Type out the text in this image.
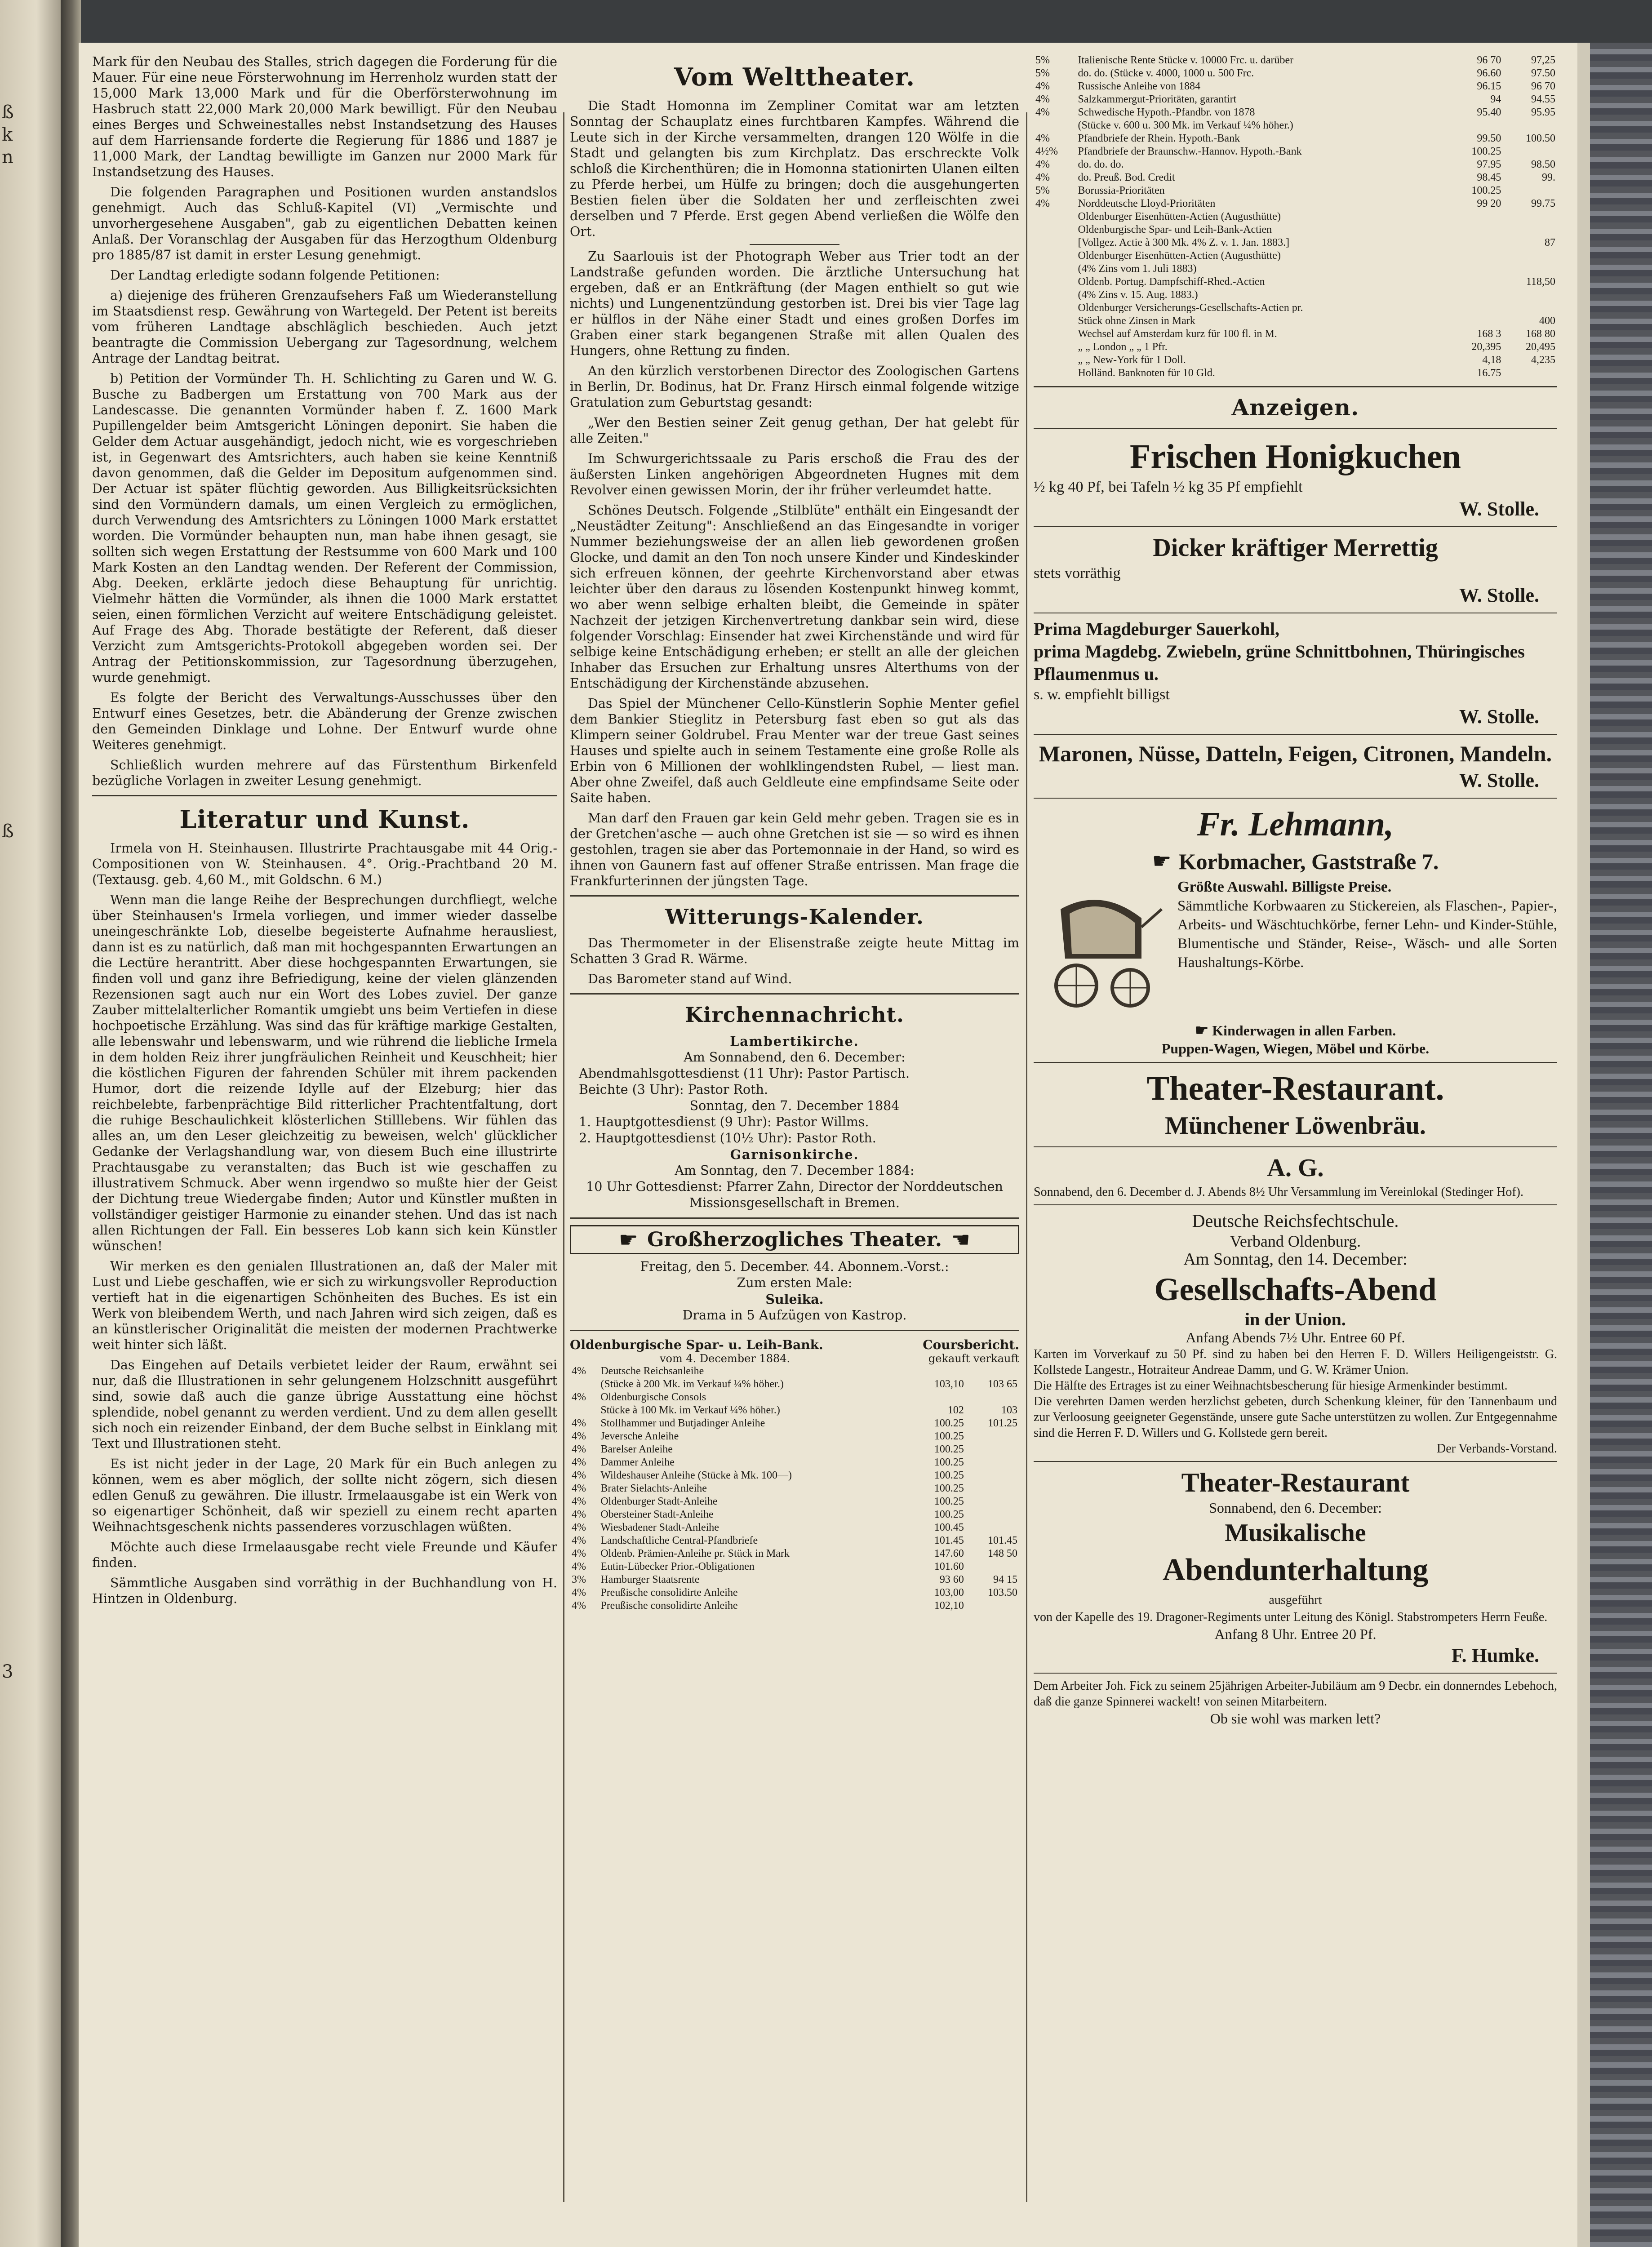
ß
k
n
ß
3

Mark für den Neubau des Stalles, strich dagegen die Forderung für die Mauer. Für eine neue Försterwohnung im Herrenholz wurden statt der 15,000 Mark 13,000 Mark und für die Oberförsterwohnung im Hasbruch statt 22,000 Mark 20,000 Mark bewilligt. Für den Neubau eines Berges und Schweinestalles nebst Instandsetzung des Hauses auf dem Harriensande forderte die Regierung für 1886 und 1887 je 11,000 Mark, der Landtag bewilligte im Ganzen nur 2000 Mark für Instandsetzung des Hauses.

Die folgenden Paragraphen und Positionen wurden anstandslos genehmigt. Auch das Schluß-Kapitel (VI) „Vermischte und unvorhergesehene Ausgaben", gab zu eigentlichen Debatten keinen Anlaß. Der Voranschlag der Ausgaben für das Herzogthum Oldenburg pro 1885/87 ist damit in erster Lesung genehmigt.

Der Landtag erledigte sodann folgende Petitionen:

a) diejenige des früheren Grenzaufsehers Faß um Wiederanstellung im Staatsdienst resp. Gewährung von Wartegeld. Der Petent ist bereits vom früheren Landtage abschläglich beschieden. Auch jetzt beantragte die Commission Uebergang zur Tagesordnung, welchem Antrage der Landtag beitrat.

b) Petition der Vormünder Th. H. Schlichting zu Garen und W. G. Busche zu Badbergen um Erstattung von 700 Mark aus der Landescasse. Die genannten Vormünder haben f. Z. 1600 Mark Pupillengelder beim Amtsgericht Löningen deponirt. Sie haben die Gelder dem Actuar ausgehändigt, jedoch nicht, wie es vorgeschrieben ist, in Gegenwart des Amtsrichters, auch haben sie keine Kenntniß davon genommen, daß die Gelder im Depositum aufgenommen sind. Der Actuar ist später flüchtig geworden. Aus Billigkeitsrücksichten sind den Vormündern damals, um einen Vergleich zu ermöglichen, durch Verwendung des Amtsrichters zu Löningen 1000 Mark erstattet worden. Die Vormünder behaupten nun, man habe ihnen gesagt, sie sollten sich wegen Erstattung der Restsumme von 600 Mark und 100 Mark Kosten an den Landtag wenden. Der Referent der Commission, Abg. Deeken, erklärte jedoch diese Behauptung für unrichtig. Vielmehr hätten die Vormünder, als ihnen die 1000 Mark erstattet seien, einen förmlichen Verzicht auf weitere Entschädigung geleistet. Auf Frage des Abg. Thorade bestätigte der Referent, daß dieser Verzicht zum Amtsgerichts-Protokoll abgegeben worden sei. Der Antrag der Petitionskommission, zur Tagesordnung überzugehen, wurde genehmigt.

Es folgte der Bericht des Verwaltungs-Ausschusses über den Entwurf eines Gesetzes, betr. die Abänderung der Grenze zwischen den Gemeinden Dinklage und Lohne. Der Entwurf wurde ohne Weiteres genehmigt.

Schließlich wurden mehrere auf das Fürstenthum Birkenfeld bezügliche Vorlagen in zweiter Lesung genehmigt.

Literatur und Kunst.

Irmela von H. Steinhausen. Illustrirte Prachtausgabe mit 44 Orig.-Compositionen von W. Steinhausen. 4°. Orig.-Prachtband 20 M. (Textausg. geb. 4,60 M., mit Goldschn. 6 M.)

Wenn man die lange Reihe der Besprechungen durchfliegt, welche über Steinhausen's Irmela vorliegen, und immer wieder dasselbe uneingeschränkte Lob, dieselbe begeisterte Aufnahme herausliest, dann ist es zu natürlich, daß man mit hochgespannten Erwartungen an die Lectüre herantritt. Aber diese hochgespannten Erwartungen, sie finden voll und ganz ihre Befriedigung, keine der vielen glänzenden Rezensionen sagt auch nur ein Wort des Lobes zuviel. Der ganze Zauber mittelalterlicher Romantik umgiebt uns beim Vertiefen in diese hochpoetische Erzählung. Was sind das für kräftige markige Gestalten, alle lebenswahr und lebenswarm, und wie rührend die liebliche Irmela in dem holden Reiz ihrer jungfräulichen Reinheit und Keuschheit; hier die köstlichen Figuren der fahrenden Schüler mit ihrem packenden Humor, dort die reizende Idylle auf der Elzeburg; hier das reichbelebte, farbenprächtige Bild ritterlicher Prachtentfaltung, dort die ruhige Beschaulichkeit klösterlichen Stilllebens. Wir fühlen das alles an, um den Leser gleichzeitig zu beweisen, welch' glücklicher Gedanke der Verlagshandlung war, von diesem Buch eine illustrirte Prachtausgabe zu veranstalten; das Buch ist wie geschaffen zu illustrativem Schmuck. Aber wenn irgendwo so mußte hier der Geist der Dichtung treue Wiedergabe finden; Autor und Künstler mußten in vollständiger geistiger Harmonie zu einander stehen. Und das ist nach allen Richtungen der Fall. Ein besseres Lob kann sich kein Künstler wünschen!

Wir merken es den genialen Illustrationen an, daß der Maler mit Lust und Liebe geschaffen, wie er sich zu wirkungsvoller Reproduction vertieft hat in die eigenartigen Schönheiten des Buches. Es ist ein Werk von bleibendem Werth, und nach Jahren wird sich zeigen, daß es an künstlerischer Originalität die meisten der modernen Prachtwerke weit hinter sich läßt.

Das Eingehen auf Details verbietet leider der Raum, erwähnt sei nur, daß die Illustrationen in sehr gelungenem Holzschnitt ausgeführt sind, sowie daß auch die ganze übrige Ausstattung eine höchst splendide, nobel genannt zu werden verdient. Und zu dem allen gesellt sich noch ein reizender Einband, der dem Buche selbst in Einklang mit Text und Illustrationen steht.

Es ist nicht jeder in der Lage, 20 Mark für ein Buch anlegen zu können, wem es aber möglich, der sollte nicht zögern, sich diesen edlen Genuß zu gewähren. Die illustr. Irmelaausgabe ist ein Werk von so eigenartiger Schönheit, daß wir speziell zu einem recht aparten Weihnachtsgeschenk nichts passenderes vorzuschlagen wüßten.

Möchte auch diese Irmelaausgabe recht viele Freunde und Käufer finden.

Sämmtliche Ausgaben sind vorräthig in der Buchhandlung von H. Hintzen in Oldenburg.

Vom Welttheater.

Die Stadt Homonna im Zempliner Comitat war am letzten Sonntag der Schauplatz eines furchtbaren Kampfes. Während die Leute sich in der Kirche versammelten, drangen 120 Wölfe in die Stadt und gelangten bis zum Kirchplatz. Das erschreckte Volk schloß die Kirchenthüren; die in Homonna stationirten Ulanen eilten zu Pferde herbei, um Hülfe zu bringen; doch die ausgehungerten Bestien fielen über die Soldaten her und zerfleischten zwei derselben und 7 Pferde. Erst gegen Abend verließen die Wölfe den Ort.

Zu Saarlouis ist der Photograph Weber aus Trier todt an der Landstraße gefunden worden. Die ärztliche Untersuchung hat ergeben, daß er an Entkräftung (der Magen enthielt so gut wie nichts) und Lungenentzündung gestorben ist. Drei bis vier Tage lag er hülflos in der Nähe einer Stadt und eines großen Dorfes im Graben einer stark begangenen Straße mit allen Qualen des Hungers, ohne Rettung zu finden.

An den kürzlich verstorbenen Director des Zoologischen Gartens in Berlin, Dr. Bodinus, hat Dr. Franz Hirsch einmal folgende witzige Gratulation zum Geburtstag gesandt:

„Wer den Bestien seiner Zeit genug gethan, Der hat gelebt für alle Zeiten."

Im Schwurgerichtssaale zu Paris erschoß die Frau des der äußersten Linken angehörigen Abgeordneten Hugnes mit dem Revolver einen gewissen Morin, der ihr früher verleumdet hatte.

Schönes Deutsch. Folgende „Stilblüte" enthält ein Eingesandt der „Neustädter Zeitung": Anschließend an das Eingesandte in voriger Nummer beziehungsweise der an allen lieb gewordenen großen Glocke, und damit an den Ton noch unsere Kinder und Kindeskinder sich erfreuen können, der geehrte Kirchenvorstand aber etwas leichter über den daraus zu lösenden Kostenpunkt hinweg kommt, wo aber wenn selbige erhalten bleibt, die Gemeinde in später Nachzeit der jetzigen Kirchenvertretung dankbar sein wird, diese folgender Vorschlag: Einsender hat zwei Kirchenstände und wird für selbige keine Entschädigung erheben; er stellt an alle der gleichen Inhaber das Ersuchen zur Erhaltung unsres Alterthums von der Entschädigung der Kirchenstände abzusehen.

Das Spiel der Münchener Cello-Künstlerin Sophie Menter gefiel dem Bankier Stieglitz in Petersburg fast eben so gut als das Klimpern seiner Goldrubel. Frau Menter war der treue Gast seines Hauses und spielte auch in seinem Testamente eine große Rolle als Erbin von 6 Millionen der wohlklingendsten Rubel, — liest man. Aber ohne Zweifel, daß auch Geldleute eine empfindsame Seite oder Saite haben.

Man darf den Frauen gar kein Geld mehr geben. Tragen sie es in der Gretchen'asche — auch ohne Gretchen ist sie — so wird es ihnen gestohlen, tragen sie aber das Portemonnaie in der Hand, so wird es ihnen von Gaunern fast auf offener Straße entrissen. Man frage die Frankfurterinnen der jüngsten Tage.

Witterungs-Kalender.

Das Thermometer in der Elisenstraße zeigte heute Mittag im Schatten 3 Grad R. Wärme.

Das Barometer stand auf Wind.

Kirchennachricht.
Lambertikirche.
Am Sonnabend, den 6. December:
Abendmahlsgottesdienst (11 Uhr): Pastor Partisch.
Beichte (3 Uhr): Pastor Roth.
Sonntag, den 7. December 1884
1. Hauptgottesdienst (9 Uhr): Pastor Willms.
2. Hauptgottesdienst (10½ Uhr): Pastor Roth.
Garnisonkirche.
Am Sonntag, den 7. December 1884:
10 Uhr Gottesdienst: Pfarrer Zahn, Director der Norddeutschen Missionsgesellschaft in Bremen.
☛ Großherzogliches Theater. ☛
Freitag, den 5. December. 44. Abonnem.-Vorst.:
Zum ersten Male:
Suleika.
Drama in 5 Aufzügen von Kastrop.
Oldenburgische Spar- u. Leih-Bank.	Coursbericht.
vom 4. December 1884.	gekauft verkauft
4%	Deutsche Reichsanleihe		
	(Stücke à 200 Mk. im Verkauf ¼% höher.)	103,10	103 65
4%	Oldenburgische Consols		
	Stücke à 100 Mk. im Verkauf ¼% höher.)	102	103
4%	Stollhammer und Butjadinger Anleihe	100.25	101.25
4%	Jeversche Anleihe	100.25	
4%	Barelser Anleihe	100.25	
4%	Dammer Anleihe	100.25	
4%	Wildeshauser Anleihe (Stücke à Mk. 100—)	100.25	
4%	Brater Sielachts-Anleihe	100.25	
4%	Oldenburger Stadt-Anleihe	100.25	
4%	Obersteiner Stadt-Anleihe	100.25	
4%	Wiesbadener Stadt-Anleihe	100.45	
4%	Landschaftliche Central-Pfandbriefe	101.45	101.45
4%	Oldenb. Prämien-Anleihe pr. Stück in Mark	147.60	148 50
4%	Eutin-Lübecker Prior.-Obligationen	101.60	
3%	Hamburger Staatsrente	93 60	94 15
4%	Preußische consolidirte Anleihe	103,00	103.50
4%	Preußische consolidirte Anleihe	102,10	
5%	Italienische Rente Stücke v. 10000 Frc. u. darüber	96 70	97,25
5%	do. do. (Stücke v. 4000, 1000 u. 500 Frc.	96.60	97.50
4%	Russische Anleihe von 1884	96.15	96 70
4%	Salzkammergut-Prioritäten, garantirt	94	94.55
4%	Schwedische Hypoth.-Pfandbr. von 1878	95.40	95.95
	(Stücke v. 600 u. 300 Mk. im Verkauf ¼% höher.)		
4%	Pfandbriefe der Rhein. Hypoth.-Bank	99.50	100.50
4½%	Pfandbriefe der Braunschw.-Hannov. Hypoth.-Bank	100.25	
4%	do. do. do.	97.95	98.50
4%	do. Preuß. Bod. Credit	98.45	99.
5%	Borussia-Prioritäten	100.25	
4%	Norddeutsche Lloyd-Prioritäten	99 20	99.75
	Oldenburger Eisenhütten-Actien (Augusthütte)		
	Oldenburgische Spar- und Leih-Bank-Actien		
	[Vollgez. Actie à 300 Mk. 4% Z. v. 1. Jan. 1883.]		87
	Oldenburger Eisenhütten-Actien (Augusthütte)		
	(4% Zins vom 1. Juli 1883)		
	Oldenb. Portug. Dampfschiff-Rhed.-Actien		118,50
	(4% Zins v. 15. Aug. 1883.)		
	Oldenburger Versicherungs-Gesellschafts-Actien pr.		
	Stück ohne Zinsen in Mark		400
	Wechsel auf Amsterdam kurz für 100 fl. in M.	168 3	168 80
	„ „ London „ „ 1 Pfr.	20,395	20,495
	„ „ New-York für 1 Doll.	4,18	4,235
	Holländ. Banknoten für 10 Gld.	16.75	
Anzeigen.
Frischen Honigkuchen
½ kg 40 Pf, bei Tafeln ½ kg 35 Pf empfiehlt
W. Stolle.
Dicker kräftiger Merrettig
stets vorräthig
W. Stolle.
Prima Magdeburger Sauerkohl,
prima Magdebg. Zwiebeln, grüne Schnittbohnen, Thüringisches Pflaumenmus u.
s. w. empfiehlt billigst
W. Stolle.
Maronen, Nüsse, Datteln, Feigen, Citronen, Mandeln.
W. Stolle.
Fr. Lehmann,
☛ Korbmacher, Gaststraße 7.
Größte Auswahl. Billigste Preise.
Sämmtliche Korbwaaren zu Stickereien, als Flaschen-, Papier-, Arbeits- und Wäschtuchkörbe, ferner Lehn- und Kinder-Stühle, Blumentische und Ständer, Reise-, Wäsch- und alle Sorten Haushaltungs-Körbe.
☛ Kinderwagen in allen Farben.
Puppen-Wagen, Wiegen, Möbel und Körbe.
Theater-Restaurant.
Münchener Löwenbräu.
A. G.
Sonnabend, den 6. December d. J. Abends 8½ Uhr Versammlung im Vereinlokal (Stedinger Hof).
Deutsche Reichsfechtschule.
Verband Oldenburg.
Am Sonntag, den 14. December:
Gesellschafts-Abend
in der Union.
Anfang Abends 7½ Uhr. Entree 60 Pf.
Karten im Vorverkauf zu 50 Pf. sind zu haben bei den Herren F. D. Willers Heiligengeiststr. G. Kollstede Langestr., Hotraiteur Andreae Damm, und G. W. Krämer Union.
Die Hälfte des Ertrages ist zu einer Weihnachtsbescherung für hiesige Armenkinder bestimmt.
Die verehrten Damen werden herzlichst gebeten, durch Schenkung kleiner, für den Tannenbaum und zur Verloosung geeigneter Gegenstände, unsere gute Sache unterstützen zu wollen. Zur Entgegennahme sind die Herren F. D. Willers und G. Kollstede gern bereit.
Der Verbands-Vorstand.
Theater-Restaurant
Sonnabend, den 6. December:
Musikalische
Abendunterhaltung
ausgeführt
von der Kapelle des 19. Dragoner-Regiments unter Leitung des Königl. Stabstrompeters Herrn Feuße.
Anfang 8 Uhr. Entree 20 Pf.
F. Humke.
Dem Arbeiter Joh. Fick zu seinem 25jährigen Arbeiter-Jubiläum am 9 Decbr. ein donnerndes Lebehoch, daß die ganze Spinnerei wackelt! von seinen Mitarbeitern.
Ob sie wohl was marken lett?
